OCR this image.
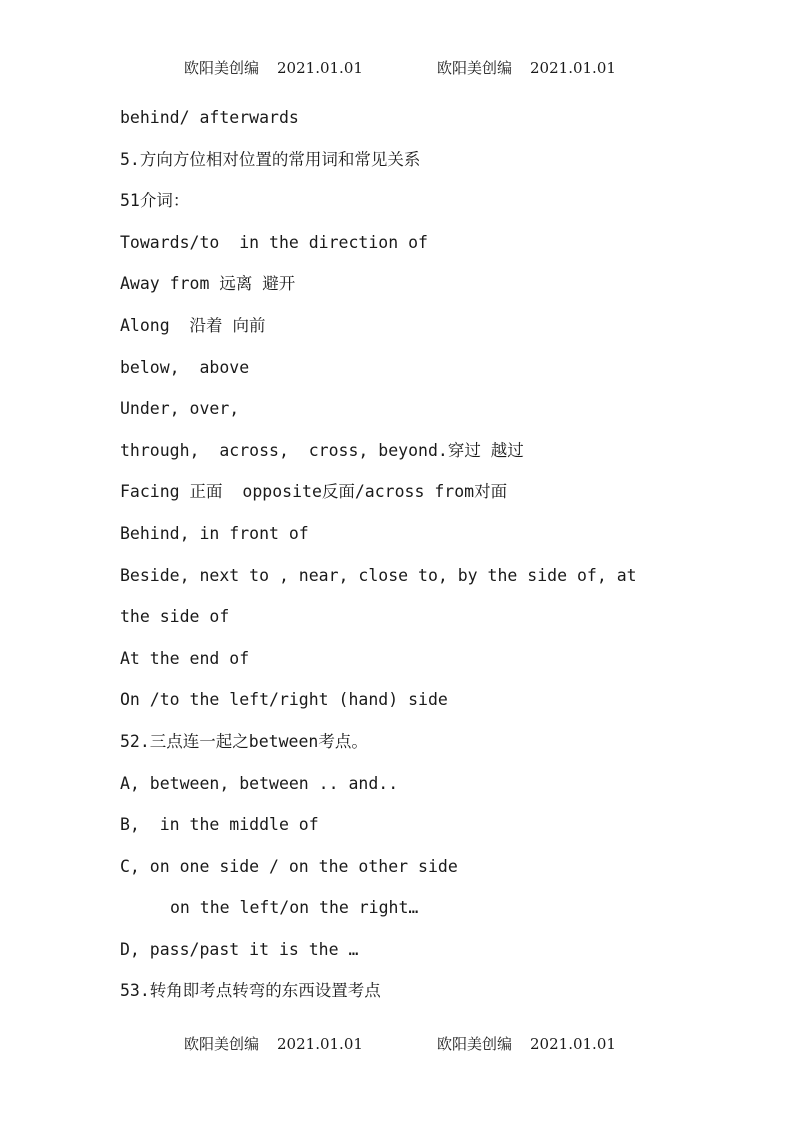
欧阳美创编 2021.01.01	欧阳美创编 2021.01.01
behind/ afterwards
5.方向方位相对位置的常用词和常见关系
51介词：
Towards/to  in the direction of
Away from 远离 避开
Along  沿着 向前
below,  above
Under, over,
through,  across,  cross, beyond.穿过 越过
Facing 正面  opposite反面/across from对面
Behind, in front of
Beside, next to , near, close to, by the side of, at
the side of
At the end of
On /to the left/right (hand) side
52.三点连一起之between考点。
A, between, between .. and..
B,  in the middle of
C, on one side / on the other side
on the left/on the right…
D, pass/past it is the …
53.转角即考点转弯的东西设置考点
欧阳美创编 2021.01.01	欧阳美创编 2021.01.01
